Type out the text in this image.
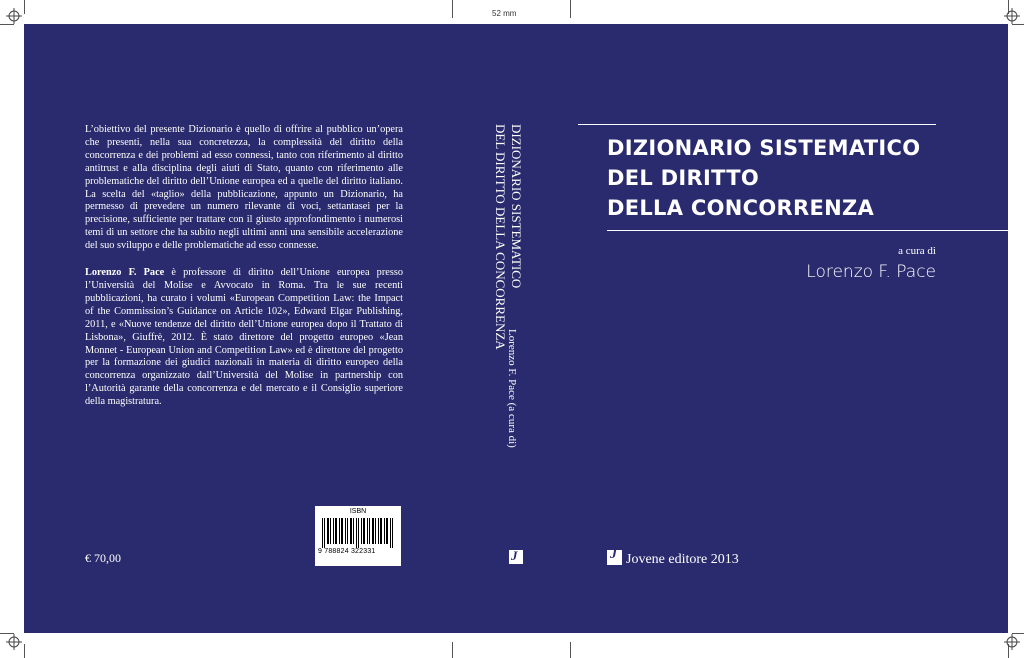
52 mm

L’obiettivo del presente Dizionario è quello di offrire al pubblico un’opera che presenti, nella sua concretezza, la complessità del diritto della concorrenza e dei problemi ad esso connessi, tanto con riferimento al diritto antitrust e alla disciplina degli aiuti di Stato, quanto con riferimento alle problematiche del diritto dell’Unione europea ed a quelle del diritto italiano. La scelta del «taglio» della pubblicazione, appunto un Dizionario, ha permesso di prevedere un numero rilevante di voci, settantasei per la precisione, sufficiente per trattare con il giusto approfondimento i numerosi temi di un settore che ha subito negli ultimi anni una sensibile accelerazione del suo sviluppo e delle problematiche ad esso connesse.

Lorenzo F. Pace è professore di diritto dell’Unione europea presso l’Università del Molise e Avvocato in Roma. Tra le sue recenti pubblicazioni, ha curato i volumi «European Competition Law: the Impact of the Commission’s Guidance on Article 102», Edward Elgar Publishing, 2011, e «Nuove tendenze del diritto dell’Unione europea dopo il Trattato di Lisbona», Giuffrè, 2012. È stato direttore del progetto europeo «Jean Monnet - European Union and Competition Law» ed è direttore del progetto per la formazione dei giudici nazionali in materia di diritto europeo della concorrenza organizzato dall’Università del Molise in partnership con l’Autorità garante della concorrenza e del mercato e il Consiglio superiore della magistratura.

€ 70,00
ISBN
9 788824 322331
DIZIONARIO SISTEMATICO
DEL DIRITTO DELLA CONCORRENZA
Lorenzo F. Pace (a cura di)
J
DIZIONARIO SISTEMATICO
DEL DIRITTO
DELLA CONCORRENZA
a cura di
Lorenzo F. Pace
J Jovene editore 2013
